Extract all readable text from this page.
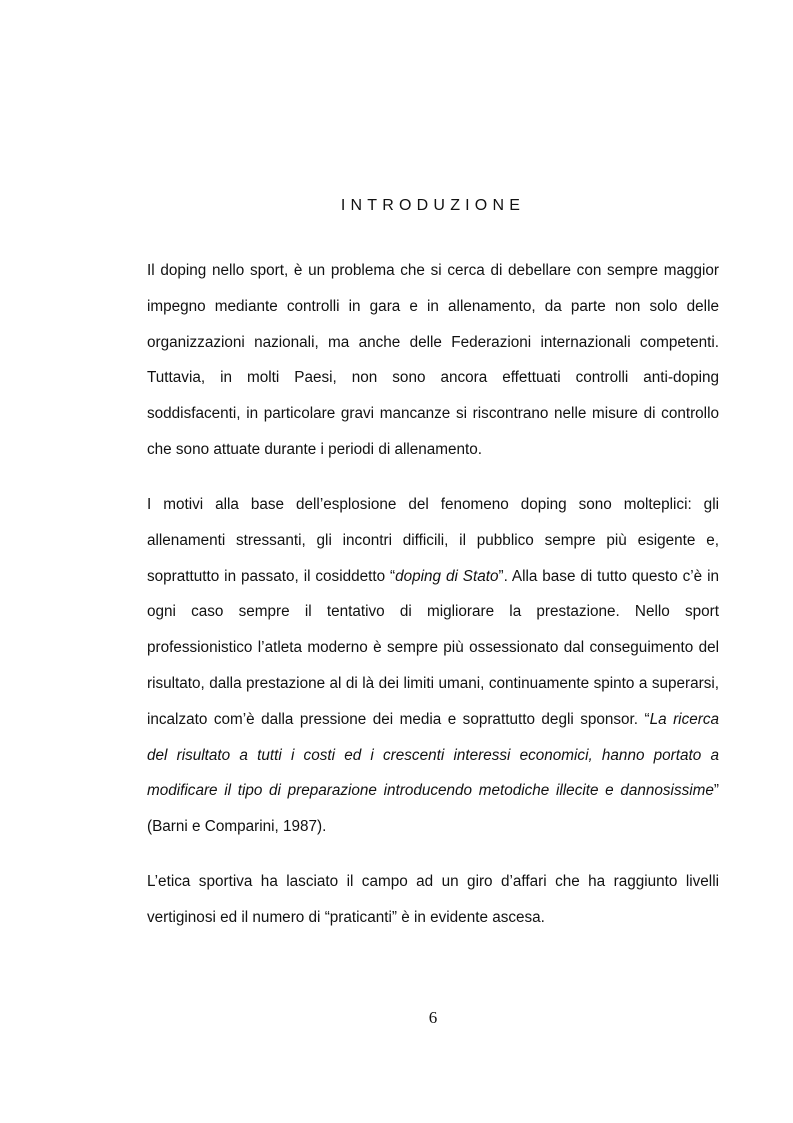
INTRODUZIONE

Il doping nello sport, è un problema che si cerca di debellare con sempre maggior impegno mediante controlli in gara e in allenamento, da parte non solo delle organizzazioni nazionali, ma anche delle Federazioni internazionali competenti. Tuttavia, in molti Paesi, non sono ancora effettuati controlli anti-doping soddisfacenti, in particolare gravi mancanze si riscontrano nelle misure di controllo che sono attuate durante i periodi di allenamento.

I motivi alla base dell’esplosione del fenomeno doping sono molteplici: gli allenamenti stressanti, gli incontri difficili, il pubblico sempre più esigente e, soprattutto in passato, il cosiddetto “doping di Stato”. Alla base di tutto questo c’è in ogni caso sempre il tentativo di migliorare la prestazione. Nello sport professionistico l’atleta moderno è sempre più ossessionato dal conseguimento del risultato, dalla prestazione al di là dei limiti umani, continuamente spinto a superarsi, incalzato com’è dalla pressione dei media e soprattutto degli sponsor. “La ricerca del risultato a tutti i costi ed i crescenti interessi economici, hanno portato a modificare il tipo di preparazione introducendo metodiche illecite e dannosissime” (Barni e Comparini, 1987).

L’etica sportiva ha lasciato il campo ad un giro d’affari che ha raggiunto livelli vertiginosi ed il numero di “praticanti” è in evidente ascesa.

6
